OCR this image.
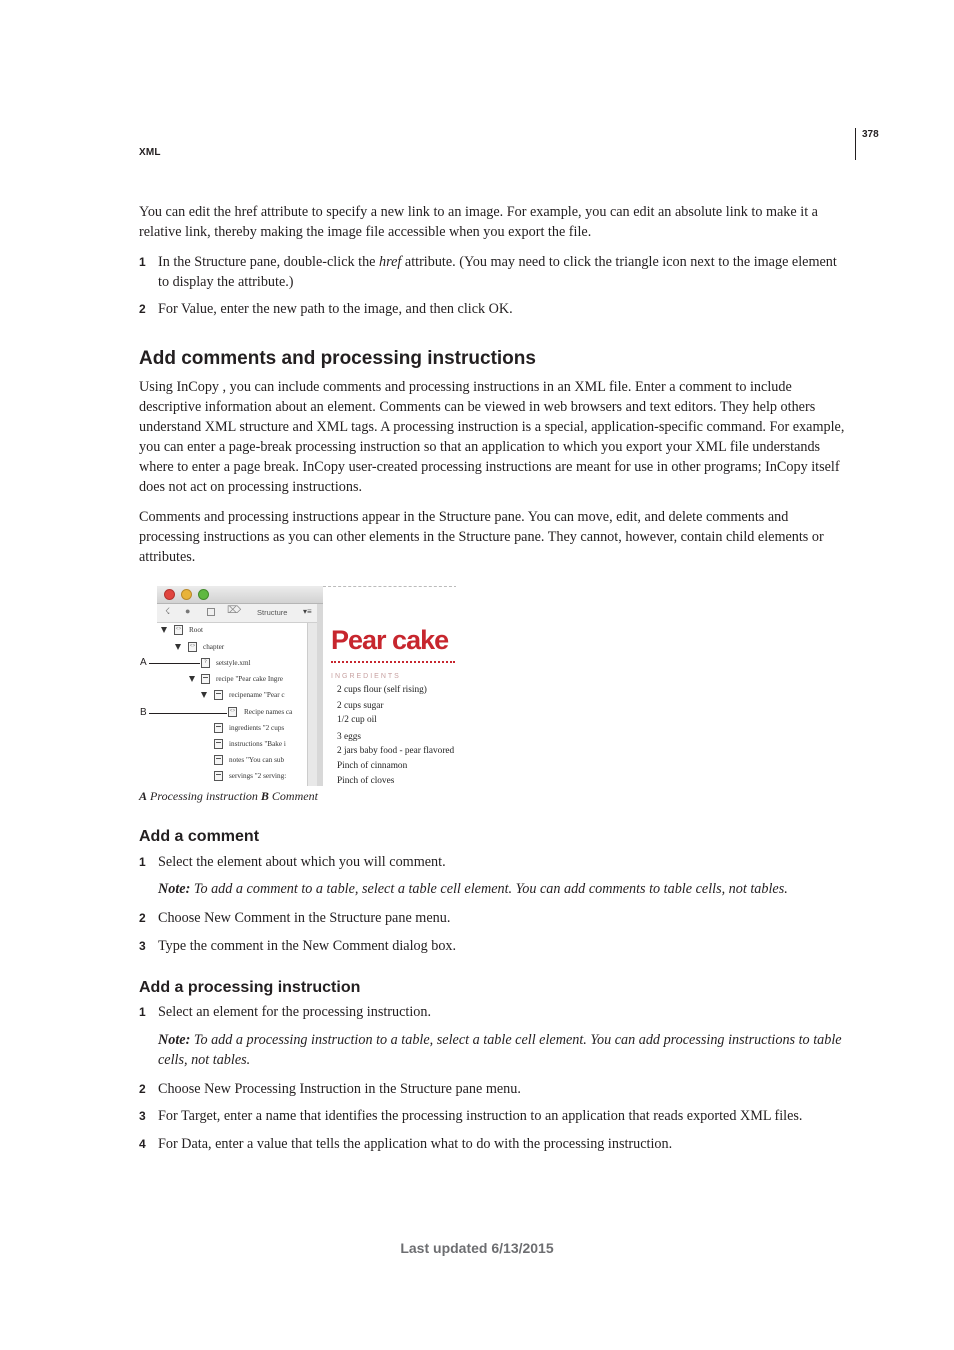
XML
378
You can edit the href attribute to specify a new link to an image. For example, you can edit an absolute link to make it a relative link, thereby making the image file accessible when you export the file.
1 In the Structure pane, double-click the href attribute. (You may need to click the triangle icon next to the image element to display the attribute.)
2 For Value, enter the new path to the image, and then click OK.
Add comments and processing instructions
Using InCopy , you can include comments and processing instructions in an XML file. Enter a comment to include descriptive information about an element. Comments can be viewed in web browsers and text editors. They help others understand XML structure and XML tags. A processing instruction is a special, application-specific command. For example, you can enter a page-break processing instruction so that an application to which you export your XML file understands where to enter a page break. InCopy user-created processing instructions are meant for use in other programs; InCopy itself does not act on processing instructions.
Comments and processing instructions appear in the Structure pane. You can move, edit, and delete comments and processing instructions as you can other elements in the Structure pane. They cannot, however, contain child elements or attributes.
☇ ●	⌦ Structure ▾≡
<> Root
<> chapter
?	setstyle.xml
recipe "Pear cake Ingre
recipename "Pear c
<> Recipe names ca
ingredients "2 cups
instructions "Bake i
notes "You can sub
servings "2 serving:
Pear cake
INGREDIENTS
2 cups flour (self rising)
2 cups sugar
1/2 cup oil
3 eggs
2 jars baby food - pear flavored
Pinch of cinnamon
Pinch of cloves
A
B
A Processing instruction B Comment
Add a comment
1 Select the element about which you will comment.
Note: To add a comment to a table, select a table cell element. You can add comments to table cells, not tables.
2 Choose New Comment in the Structure pane menu.
3 Type the comment in the New Comment dialog box.
Add a processing instruction
1 Select an element for the processing instruction.
Note: To add a processing instruction to a table, select a table cell element. You can add processing instructions to table cells, not tables.
2 Choose New Processing Instruction in the Structure pane menu.
3 For Target, enter a name that identifies the processing instruction to an application that reads exported XML files.
4 For Data, enter a value that tells the application what to do with the processing instruction.
Last updated 6/13/2015
